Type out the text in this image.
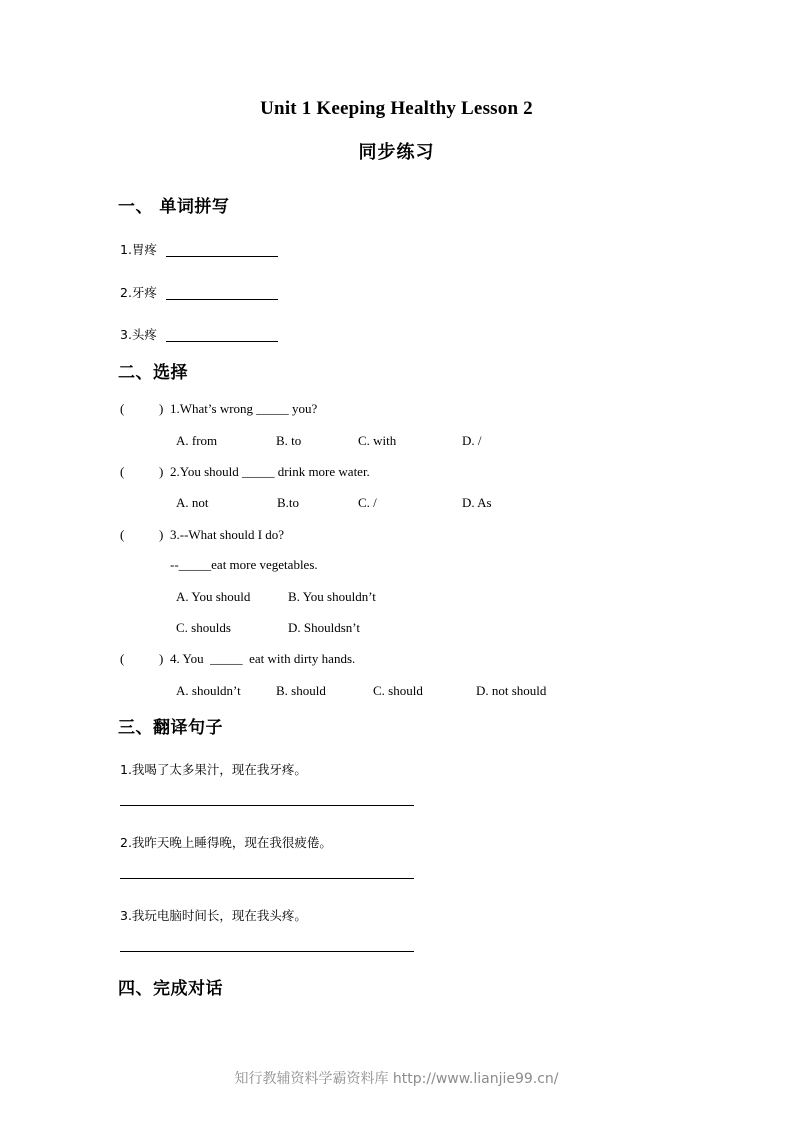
Unit 1 Keeping Healthy Lesson 2
同步练习
一、 单词拼写
1.胃疼
2.牙疼
3.头疼
二、选择
(	) 1.What’s wrong _____ you?
A. from	B. to	C. with	D. /
(	) 2.You should _____ drink more water.
A. not	B.to	C. /	D. As
(	) 3.--What should I do?
--_____eat more vegetables.
A. You should	B. You shouldn’t
C. shoulds	D. Shouldsn’t
(	) 4. You  _____  eat with dirty hands.
A. shouldn’t	B. should	C. should	D. not should
三、翻译句子
1.我喝了太多果汁，现在我牙疼。
2.我昨天晚上睡得晚，现在我很疲倦。
3.我玩电脑时间长，现在我头疼。
四、完成对话
知行教辅资料学霸资料库 http://www.lianjie99.cn/
